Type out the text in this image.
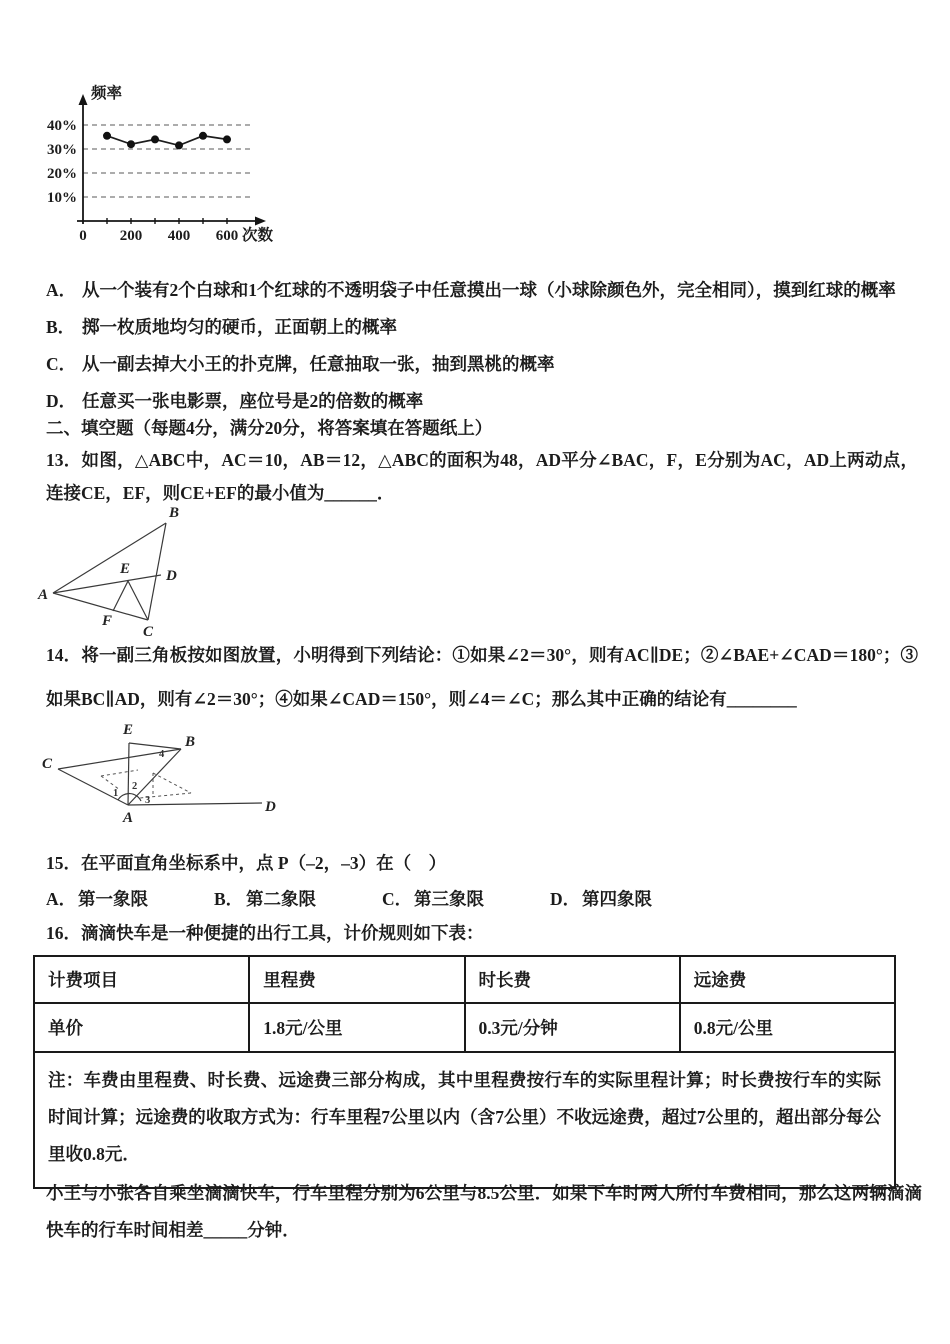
10%
20%
30%
40%
0 200 400 600
频率
次数
A． 从一个装有2个白球和1个红球的不透明袋子中任意摸出一球（小球除颜色外，完全相同），摸到红球的概率
B． 掷一枚质地均匀的硬币，正面朝上的概率
C． 从一副去掉大小王的扑克牌，任意抽取一张，抽到黑桃的概率
D． 任意买一张电影票，座位号是2的倍数的概率
二、填空题（每题4分，满分20分，将答案填在答题纸上）
13．如图，△ABC中，AC＝10，AB＝12，△ABC的面积为48，AD平分∠BAC，F，E分别为AC，AD上两动点，连接CE，EF，则CE+EF的最小值为______．
A
B
C
D
E
F
14．将一副三角板按如图放置，小明得到下列结论：①如果∠2＝30°，则有AC∥DE；②∠BAE+∠CAD＝180°；③如果BC∥AD，则有∠2＝30°；④如果∠CAD＝150°，则∠4＝∠C；那么其中正确的结论有________
E
B
C
A
D
1
2
3
4
15．在平面直角坐标系中，点 P（–2，–3）在（　）
A． 第一象限	B． 第二象限	C． 第三象限	D． 第四象限
16．滴滴快车是一种便捷的出行工具，计价规则如下表：
计费项目	里程费	时长费	远途费
单价	1.8元/公里	0.3元/分钟	0.8元/公里
注：车费由里程费、时长费、远途费三部分构成，其中里程费按行车的实际里程计算；时长费按行车的实际时间计算；远途费的收取方式为：行车里程7公里以内（含7公里）不收远途费，超过7公里的，超出部分每公里收0.8元．			
小王与小张各自乘坐滴滴快车，行车里程分别为6公里与8.5公里．如果下车时两人所付车费相同，那么这两辆滴滴快车的行车时间相差_____分钟．
